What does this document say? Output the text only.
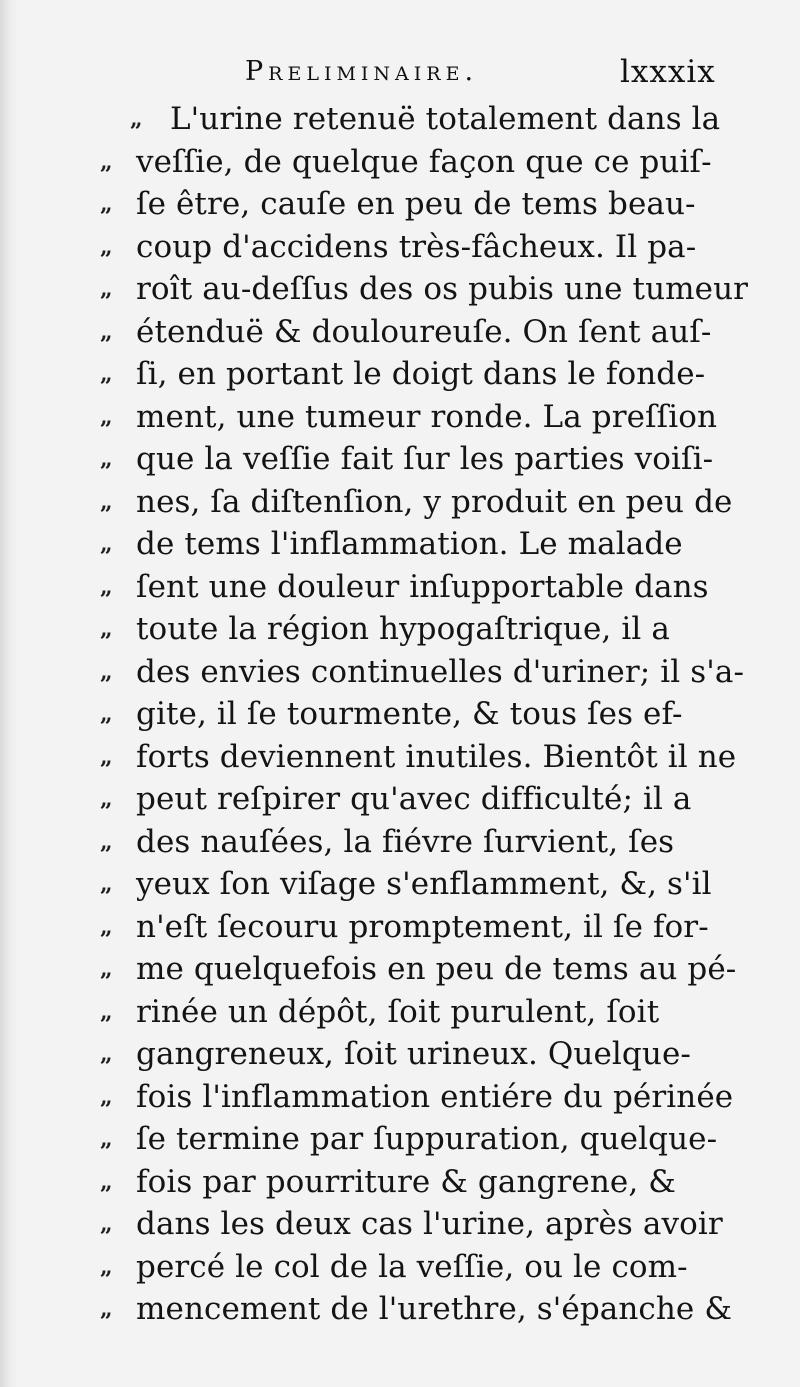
Preliminaire.	lxxxix
„ L'urine retenuë totalement dans la
„ veſſie, de quelque façon que ce puiſ-
„ ſe être, cauſe en peu de tems beau-
„ coup d'accidens très-fâcheux. Il pa-
„ roît au-deſſus des os pubis une tumeur
„ étenduë & douloureuſe. On ſent auſ-
„ ſi, en portant le doigt dans le fonde-
„ ment, une tumeur ronde. La preſſion
„ que la veſſie fait ſur les parties voiſi-
„ nes, ſa diſtenſion, y produit en peu de
„ de tems l'inflammation. Le malade
„ ſent une douleur inſupportable dans
„ toute la région hypogaſtrique, il a
„ des envies continuelles d'uriner; il s'a-
„ gite, il ſe tourmente, & tous ſes ef-
„ forts deviennent inutiles. Bientôt il ne
„ peut reſpirer qu'avec difficulté; il a
„ des nauſées, la fiévre ſurvient, ſes
„ yeux ſon viſage s'enflamment, &, s'il
„ n'eſt ſecouru promptement, il ſe for-
„ me quelquefois en peu de tems au pé-
„ rinée un dépôt, ſoit purulent, ſoit
„ gangreneux, ſoit urineux. Quelque-
„ fois l'inflammation entiére du périnée
„ ſe termine par ſuppuration, quelque-
„ fois par pourriture & gangrene, &
„ dans les deux cas l'urine, après avoir
„ percé le col de la veſſie, ou le com-
„ mencement de l'urethre, s'épanche &
